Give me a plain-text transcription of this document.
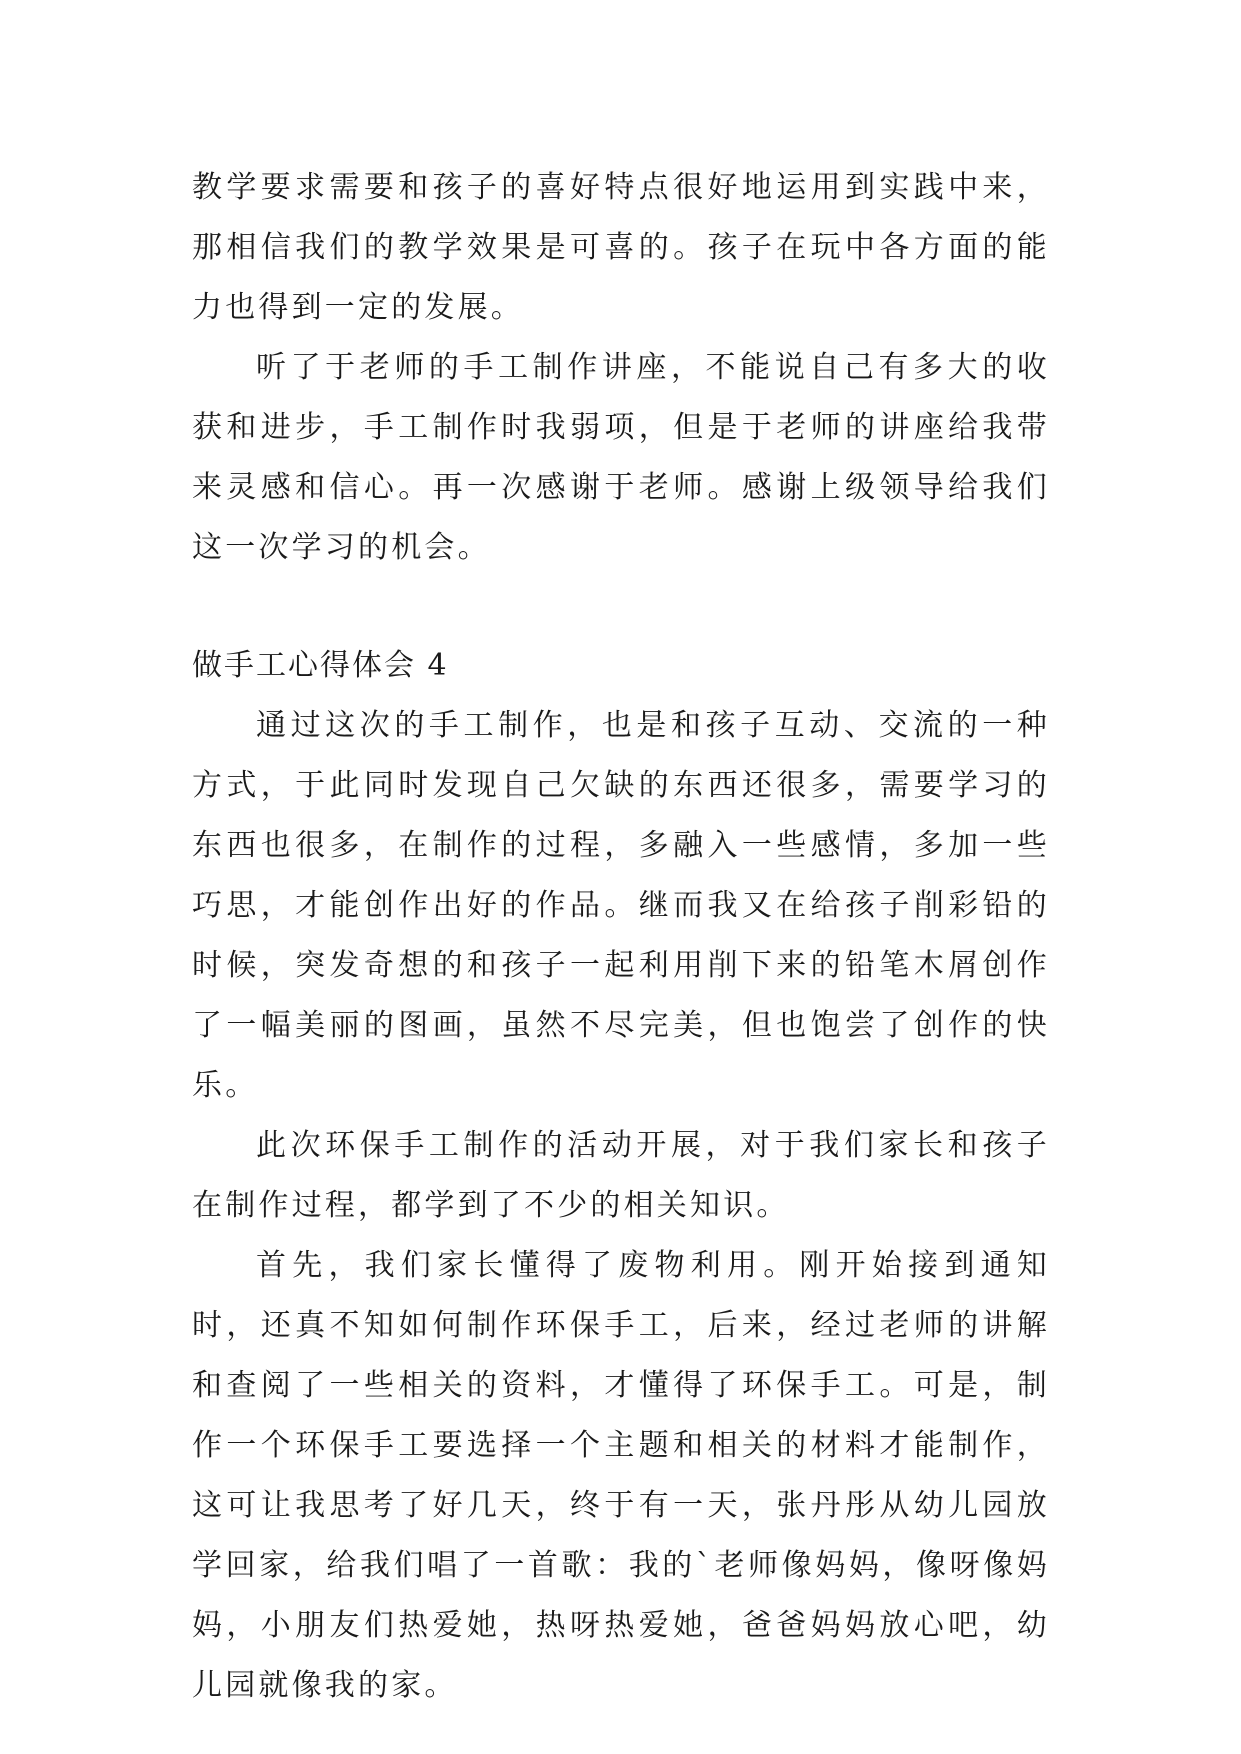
教学要求需要和孩子的喜好特点很好地运用到实践中来，那相信我们的教学效果是可喜的。孩子在玩中各方面的能力也得到一定的发展。

听了于老师的手工制作讲座，不能说自己有多大的收获和进步，手工制作时我弱项，但是于老师的讲座给我带来灵感和信心。再一次感谢于老师。感谢上级领导给我们这一次学习的机会。

做手工心得体会 4

通过这次的手工制作，也是和孩子互动、交流的一种方式，于此同时发现自己欠缺的东西还很多，需要学习的东西也很多，在制作的过程，多融入一些感情，多加一些巧思，才能创作出好的作品。继而我又在给孩子削彩铅的时候，突发奇想的和孩子一起利用削下来的铅笔木屑创作了一幅美丽的图画，虽然不尽完美，但也饱尝了创作的快乐。

此次环保手工制作的活动开展，对于我们家长和孩子在制作过程，都学到了不少的相关知识。

首先，我们家长懂得了废物利用。刚开始接到通知时，还真不知如何制作环保手工，后来，经过老师的讲解和查阅了一些相关的资料，才懂得了环保手工。可是，制作一个环保手工要选择一个主题和相关的材料才能制作，这可让我思考了好几天，终于有一天，张丹彤从幼儿园放学回家，给我们唱了一首歌：我的`老师像妈妈，像呀像妈妈，小朋友们热爱她，热呀热爱她，爸爸妈妈放心吧，幼儿园就像我的家。
